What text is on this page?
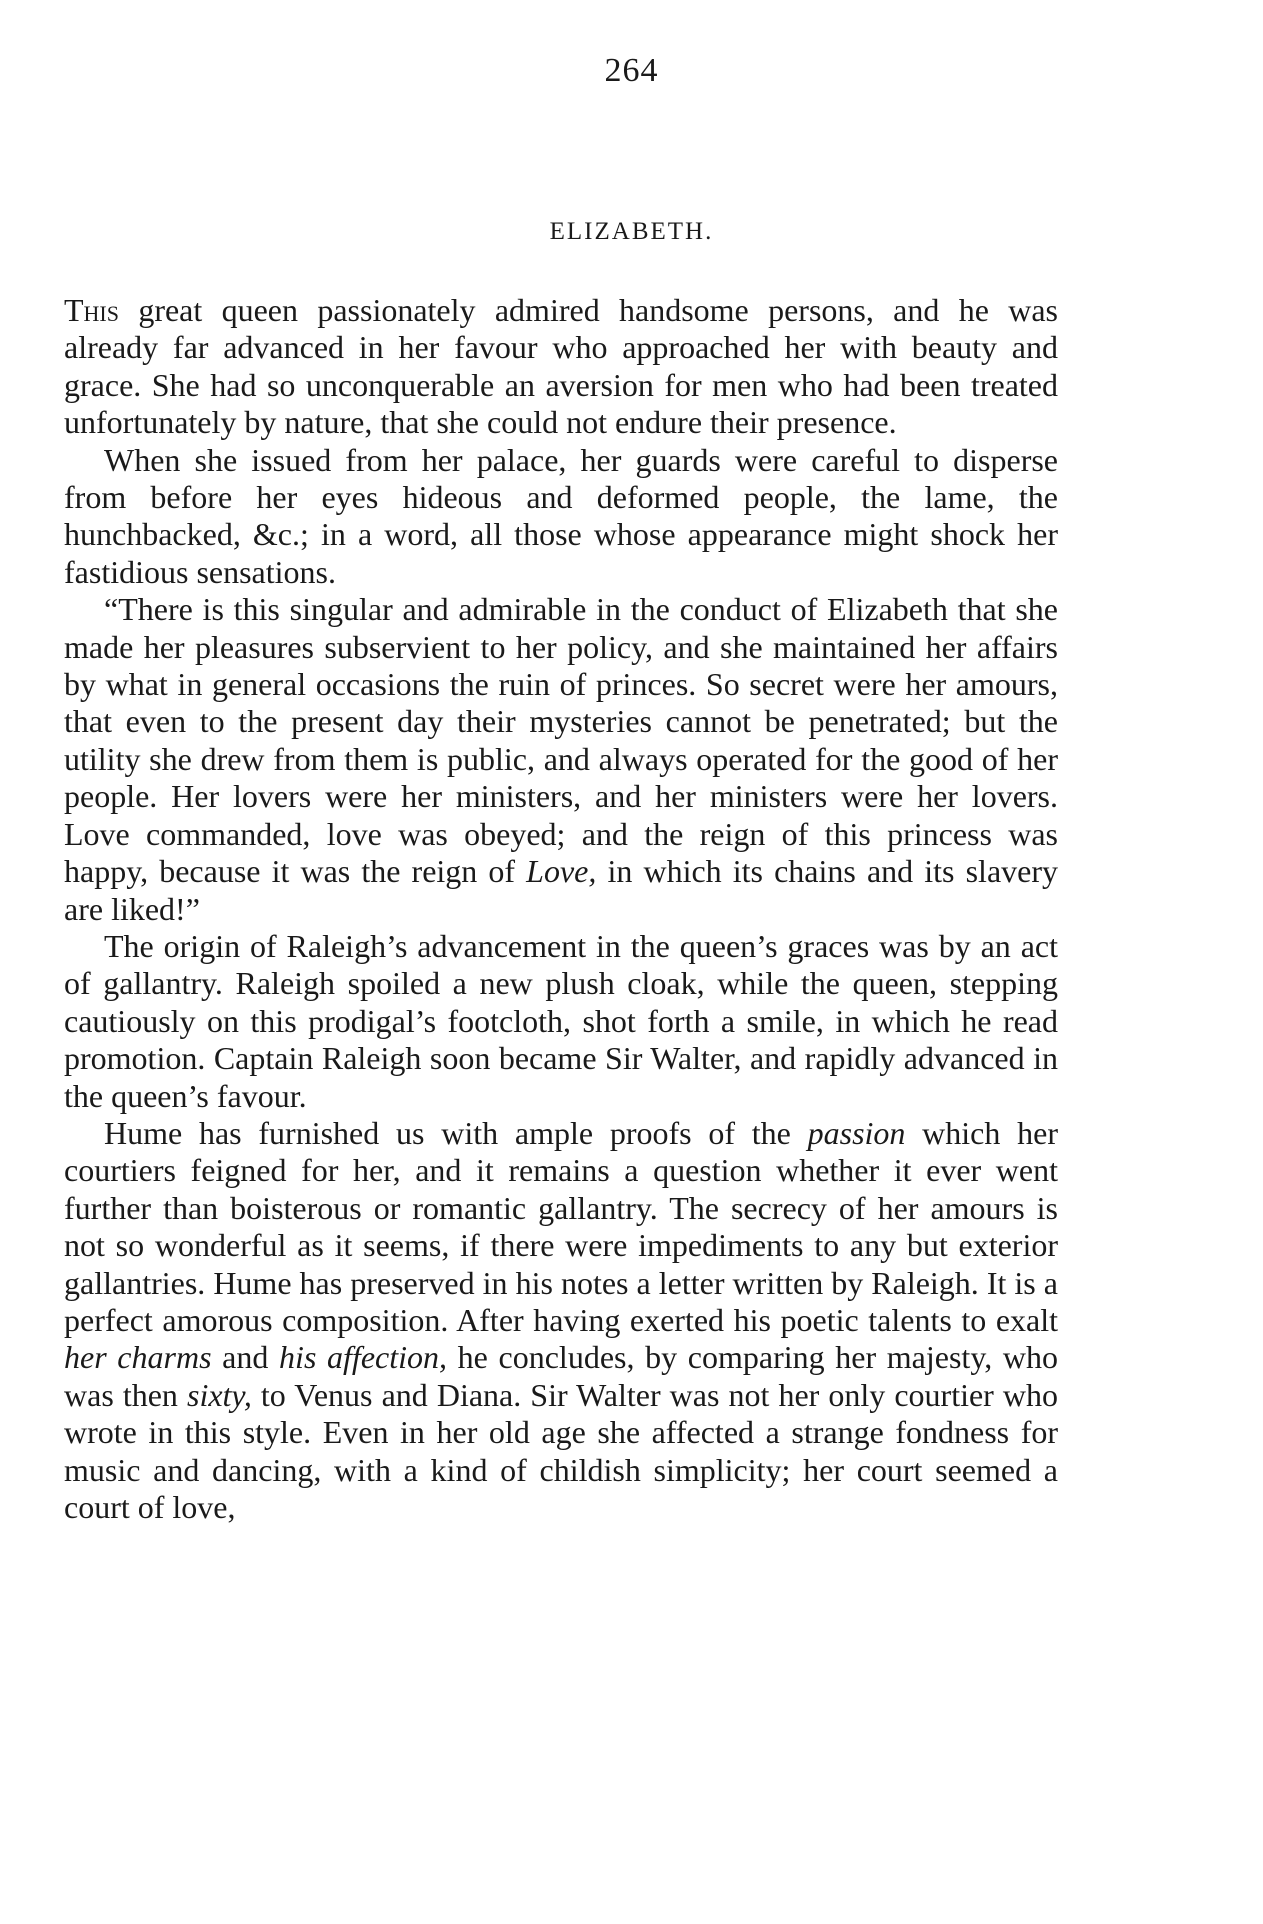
264
ELIZABETH.

This great queen passionately admired handsome persons, and he was already far advanced in her favour who approached her with beauty and grace. She had so unconquerable an aversion for men who had been treated unfortunately by nature, that she could not endure their presence.

When she issued from her palace, her guards were careful to disperse from before her eyes hideous and deformed people, the lame, the hunchbacked, &c.; in a word, all those whose appearance might shock her fastidious sensations.

“There is this singular and admirable in the conduct of Elizabeth that she made her pleasures subservient to her policy, and she maintained her affairs by what in general occasions the ruin of princes. So secret were her amours, that even to the present day their mysteries cannot be penetrated; but the utility she drew from them is public, and always operated for the good of her people. Her lovers were her ministers, and her ministers were her lovers. Love commanded, love was obeyed; and the reign of this princess was happy, because it was the reign of Love, in which its chains and its slavery are liked!”

The origin of Raleigh’s advancement in the queen’s graces was by an act of gallantry. Raleigh spoiled a new plush cloak, while the queen, stepping cautiously on this prodigal’s footcloth, shot forth a smile, in which he read promotion. Captain Raleigh soon became Sir Walter, and rapidly advanced in the queen’s favour.

Hume has furnished us with ample proofs of the passion which her courtiers feigned for her, and it remains a question whether it ever went further than boisterous or romantic gallantry. The secrecy of her amours is not so wonderful as it seems, if there were impediments to any but exterior gallantries. Hume has preserved in his notes a letter written by Raleigh. It is a perfect amorous composition. After having exerted his poetic talents to exalt her charms and his affection, he concludes, by comparing her majesty, who was then sixty, to Venus and Diana. Sir Walter was not her only courtier who wrote in this style. Even in her old age she affected a strange fondness for music and dancing, with a kind of childish simplicity; her court seemed a court of love,
